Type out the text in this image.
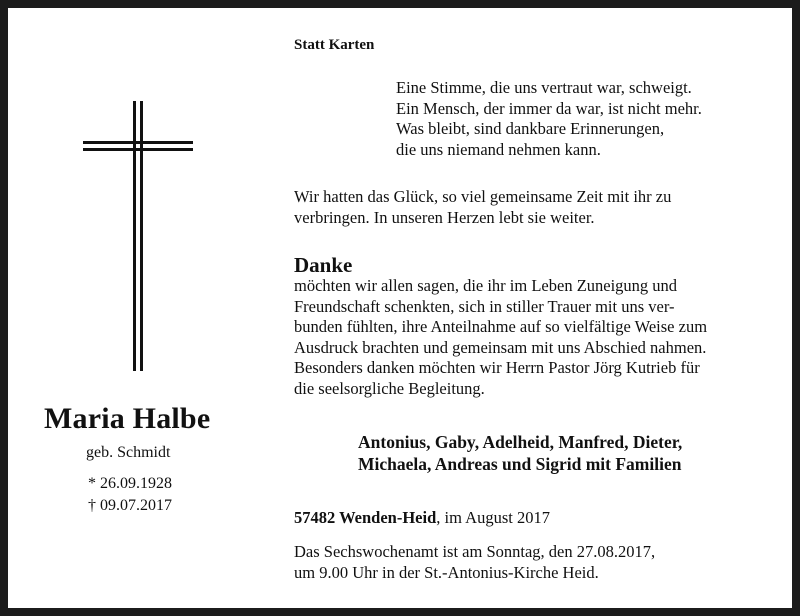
Maria Halbe
geb. Schmidt
* 26.09.1928
† 09.07.2017
Statt Karten
Eine Stimme, die uns vertraut war, schweigt.
Ein Mensch, der immer da war, ist nicht mehr.
Was bleibt, sind dankbare Erinnerungen,
die uns niemand nehmen kann.
Wir hatten das Glück, so viel gemeinsame Zeit mit ihr zu
verbringen. In unseren Herzen lebt sie weiter.
Danke
möchten wir allen sagen, die ihr im Leben Zuneigung und
Freundschaft schenkten, sich in stiller Trauer mit uns ver-
bunden fühlten, ihre Anteilnahme auf so vielfältige Weise zum
Ausdruck brachten und gemeinsam mit uns Abschied nahmen.
Besonders danken möchten wir Herrn Pastor Jörg Kutrieb für
die seelsorgliche Begleitung.
Antonius, Gaby, Adelheid, Manfred, Dieter,
Michaela, Andreas und Sigrid mit Familien
57482 Wenden-Heid, im August 2017
Das Sechswochenamt ist am Sonntag, den 27.08.2017,
um 9.00 Uhr in der St.-Antonius-Kirche Heid.
